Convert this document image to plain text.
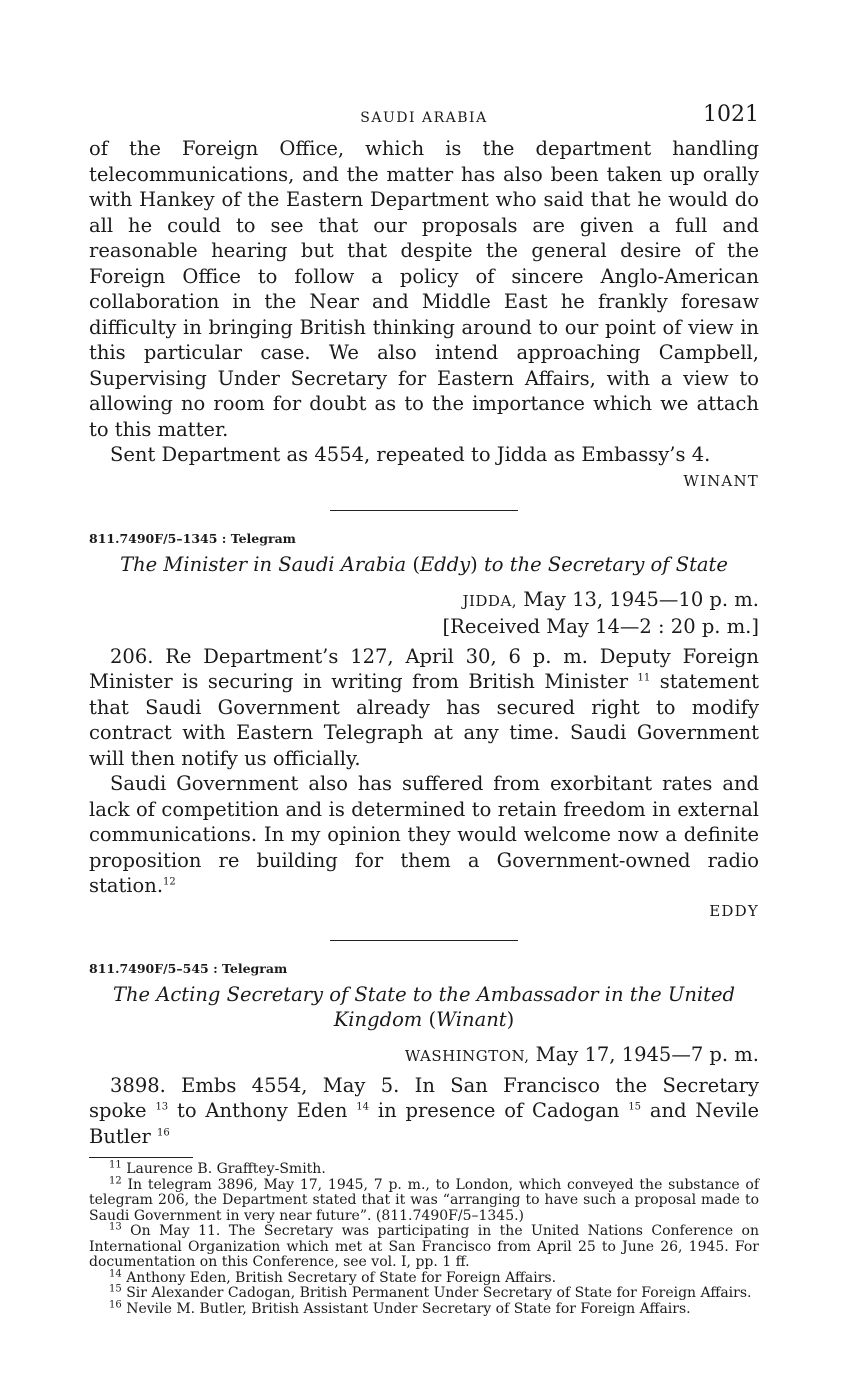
SAUDI ARABIA	1021

of the Foreign Office, which is the department handling telecommunications, and the matter has also been taken up orally with Hankey of the Eastern Department who said that he would do all he could to see that our proposals are given a full and reasonable hearing but that despite the general desire of the Foreign Office to follow a policy of sincere Anglo-American collaboration in the Near and Middle East he frankly foresaw difficulty in bringing British thinking around to our point of view in this particular case. We also intend approaching Campbell, Supervising Under Secretary for Eastern Affairs, with a view to allowing no room for doubt as to the importance which we attach to this matter.

Sent Department as 4554, repeated to Jidda as Embassy’s 4.

WINANT

811.7490F/5–1345 : Telegram

The Minister in Saudi Arabia (Eddy) to the Secretary of State

JIDDA, May 13, 1945—10 p. m.
[Received May 14—2 : 20 p. m.]

206. Re Department’s 127, April 30, 6 p. m. Deputy Foreign Minister is securing in writing from British Minister $^{11}$ statement that Saudi Government already has secured right to modify contract with Eastern Telegraph at any time. Saudi Government will then notify us officially.

Saudi Government also has suffered from exorbitant rates and lack of competition and is determined to retain freedom in external communications. In my opinion they would welcome now a definite proposition re building for them a Government-owned radio station.$^{12}$

EDDY

811.7490F/5–545 : Telegram

The Acting Secretary of State to the Ambassador in the United Kingdom (Winant)

WASHINGTON, May 17, 1945—7 p. m.

3898. Embs 4554, May 5. In San Francisco the Secretary spoke $^{13}$ to Anthony Eden $^{14}$ in presence of Cadogan $^{15}$ and Nevile Butler $^{16}$

$^{11}$ Laurence B. Grafftey-Smith.

$^{12}$ In telegram 3896, May 17, 1945, 7 p. m., to London, which conveyed the substance of telegram 206, the Department stated that it was “arranging to have such a proposal made to Saudi Government in very near future”. (811.7490F/5–1345.)

$^{13}$ On May 11. The Secretary was participating in the United Nations Conference on International Organization which met at San Francisco from April 25 to June 26, 1945. For documentation on this Conference, see vol. I, pp. 1 ff.

$^{14}$ Anthony Eden, British Secretary of State for Foreign Affairs.

$^{15}$ Sir Alexander Cadogan, British Permanent Under Secretary of State for Foreign Affairs.

$^{16}$ Nevile M. Butler, British Assistant Under Secretary of State for Foreign Affairs.
